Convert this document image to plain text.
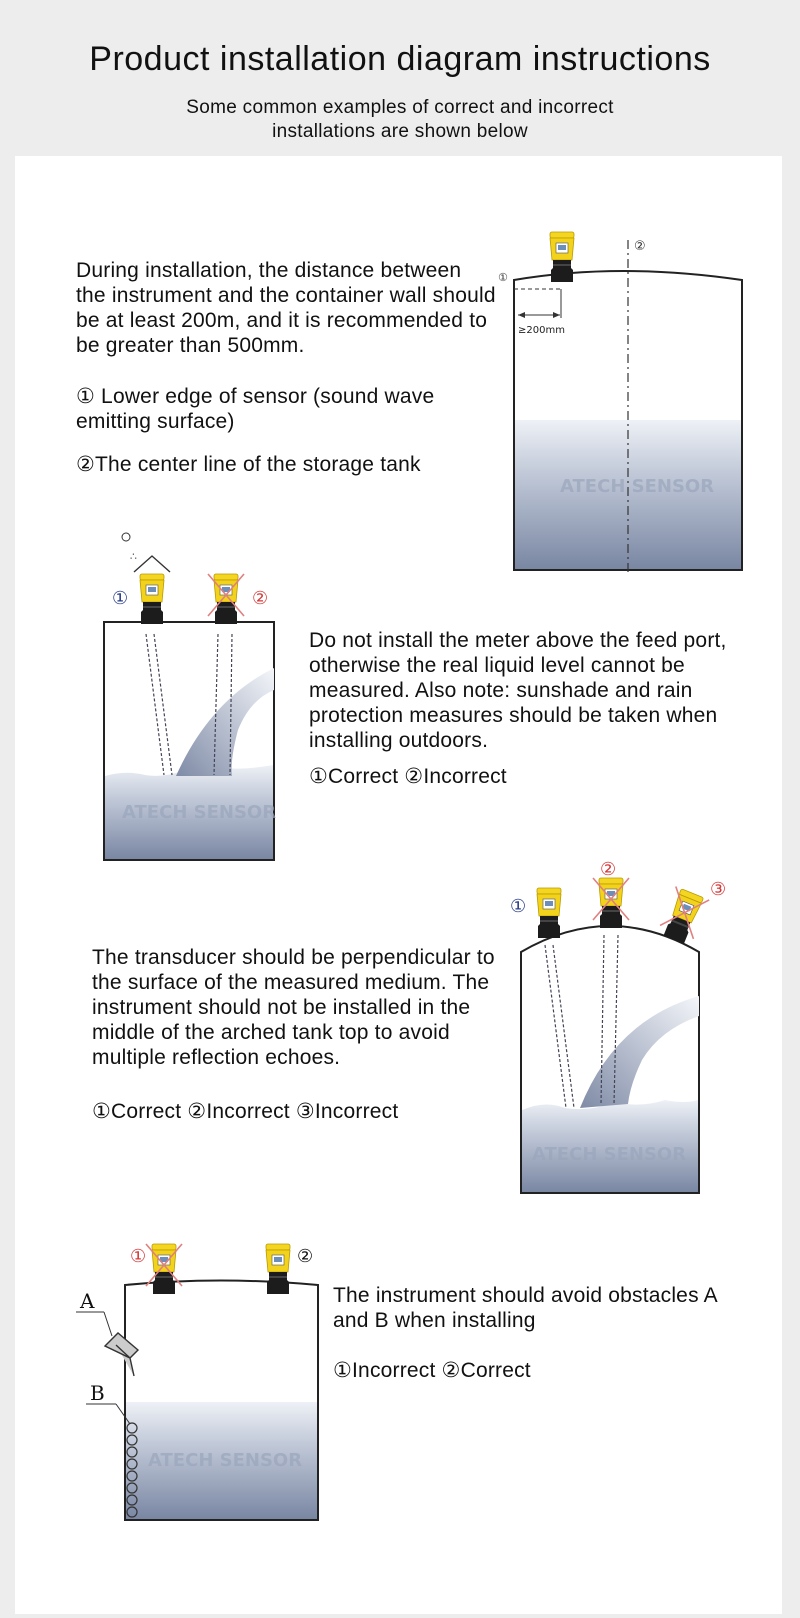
Product installation diagram instructions
Some common examples of correct and incorrect installations are shown below

During installation, the distance between the instrument and the container wall should be at least 200m, and it is recommended to be greater than 500mm.

① Lower edge of sensor (sound wave emitting surface)
②The center line of the storage tank
①
②
≥200mm
ATECH SENSOR
Do not install the meter above the feed port, otherwise the real liquid level cannot be measured. Also note: sunshade and rain protection measures should be taken when installing outdoors.
①Correct ②Incorrect
∴
①	②
ATECH SENSOR
The transducer should be perpendicular to the surface of the measured medium. The instrument should not be installed in the middle of the arched tank top to avoid multiple reflection echoes.
①Correct ②Incorrect ③Incorrect
①
②
③
ATECH SENSOR
The instrument should avoid obstacles A and B when installing
①Incorrect ②Correct
①	②
A
B
ATECH SENSOR
